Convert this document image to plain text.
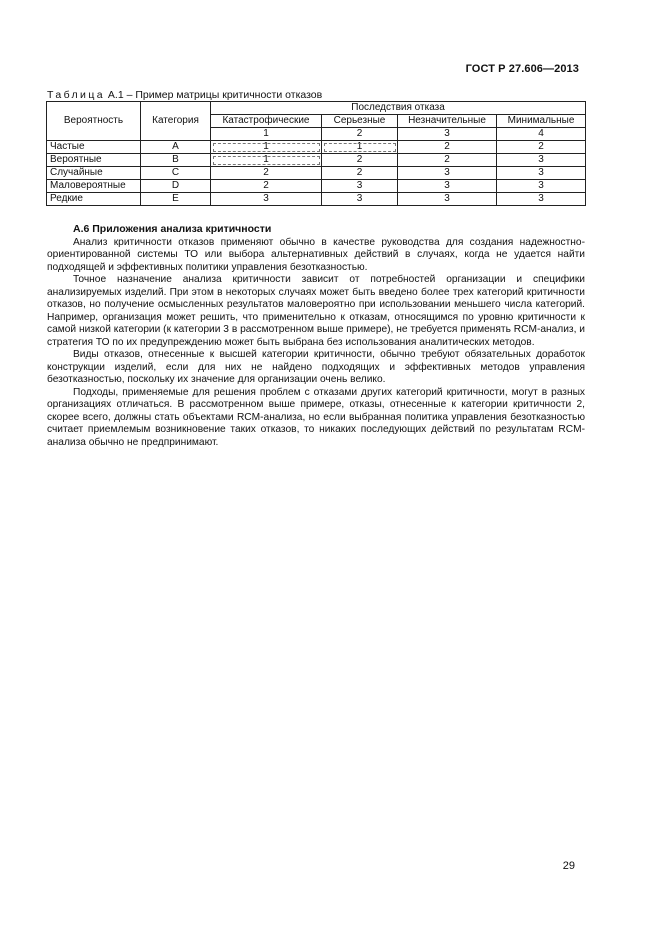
ГОСТ Р 27.606—2013
Таблица А.1 – Пример матрицы критичности отказов
Вероятность	Категория	Последствия отказа			
		Катастрофические	Серьезные	Незначительные	Минимальные
		1	2	3	4
Частые	A	1	1	2	2
Вероятные	B	1	2	2	3
Случайные	C	2	2	3	3
Маловероятные	D	2	3	3	3
Редкие	E	3	3	3	3
А.6 Приложения анализа критичности

Анализ критичности отказов применяют обычно в качестве руководства для создания надежностно-ориентированной системы ТО или выбора альтернативных действий в случаях, когда не удается найти подходящей и эффективных политики управления безотказностью.

Точное назначение анализа критичности зависит от потребностей организации и специфики анализируемых изделий. При этом в некоторых случаях может быть введено более трех категорий критичности отказов, но получение осмысленных результатов маловероятно при использовании меньшего числа категорий. Например, организация может решить, что применительно к отказам, относящимся по уровню критичности к самой низкой категории (к категории 3 в рассмотренном выше примере), не требуется применять RCM-анализ, и стратегия ТО по их предупреждению может быть выбрана без использования аналитических методов.

Виды отказов, отнесенные к высшей категории критичности, обычно требуют обязательных доработок конструкции изделий, если для них не найдено подходящих и эффективных методов управления безотказностью, поскольку их значение для организации очень велико.

Подходы, применяемые для решения проблем с отказами других категорий критичности, могут в разных организациях отличаться. В рассмотренном выше примере, отказы, отнесенные к категории критичности 2, скорее всего, должны стать объектами RCM-анализа, но если выбранная политика управления безотказностью считает приемлемым возникновение таких отказов, то никаких последующих действий по результатам RCM-анализа обычно не предпринимают.

29
